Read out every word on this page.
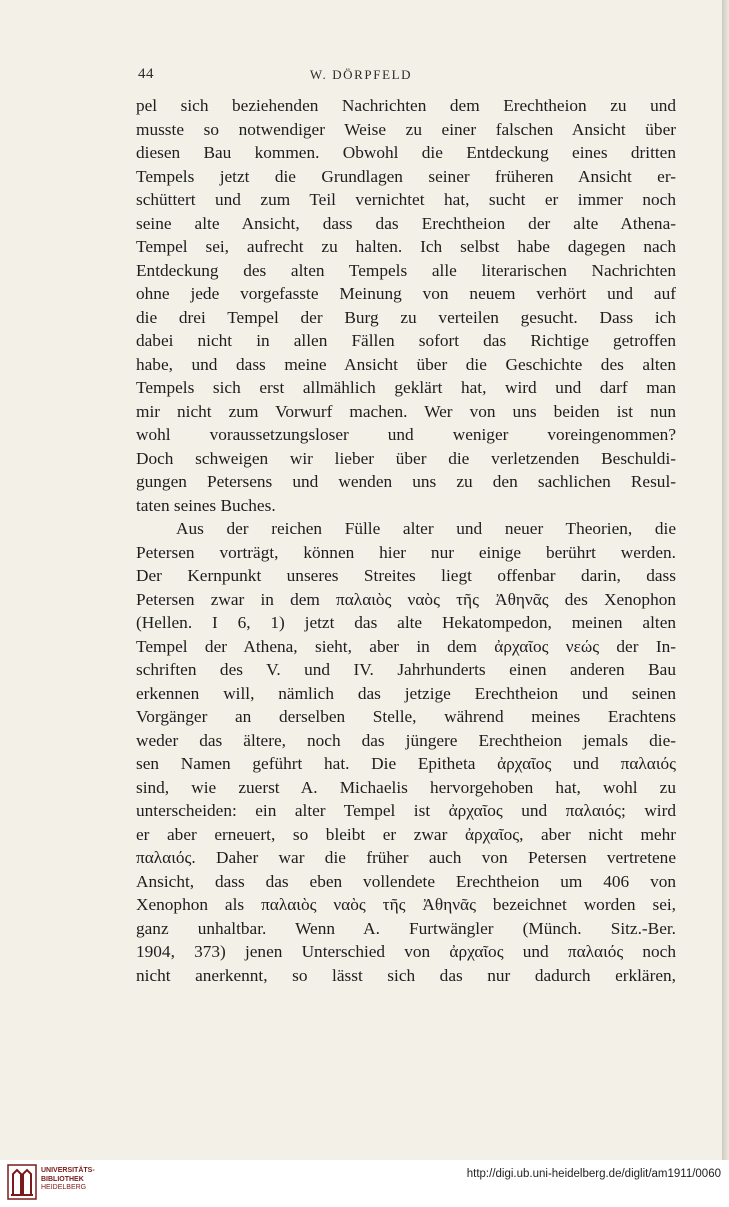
44	W. DÖRPFELD
pel sich beziehenden Nachrichten dem Erechtheion zu und
musste so notwendiger Weise zu einer falschen Ansicht über
diesen Bau kommen. Obwohl die Entdeckung eines dritten
Tempels jetzt die Grundlagen seiner früheren Ansicht er-
schüttert und zum Teil vernichtet hat, sucht er immer noch
seine alte Ansicht, dass das Erechtheion der alte Athena-
Tempel sei, aufrecht zu halten. Ich selbst habe dagegen nach
Entdeckung des alten Tempels alle literarischen Nachrichten
ohne jede vorgefasste Meinung von neuem verhört und auf
die drei Tempel der Burg zu verteilen gesucht. Dass ich
dabei nicht in allen Fällen sofort das Richtige getroffen
habe, und dass meine Ansicht über die Geschichte des alten
Tempels sich erst allmählich geklärt hat, wird und darf man
mir nicht zum Vorwurf machen. Wer von uns beiden ist nun
wohl voraussetzungsloser und weniger voreingenommen?
Doch schweigen wir lieber über die verletzenden Beschuldi-
gungen Petersens und wenden uns zu den sachlichen Resul-
taten seines Buches.
Aus der reichen Fülle alter und neuer Theorien, die
Petersen vorträgt, können hier nur einige berührt werden.
Der Kernpunkt unseres Streites liegt offenbar darin, dass
Petersen zwar in dem παλαιὸς ναὸς τῆς Ἀθηνᾶς des Xenophon
(Hellen. I 6, 1) jetzt das alte Hekatompedon, meinen alten
Tempel der Athena, sieht, aber in dem ἀρχαῖος νεώς der In-
schriften des V. und IV. Jahrhunderts einen anderen Bau
erkennen will, nämlich das jetzige Erechtheion und seinen
Vorgänger an derselben Stelle, während meines Erachtens
weder das ältere, noch das jüngere Erechtheion jemals die-
sen Namen geführt hat. Die Epitheta ἀρχαῖος und παλαιός
sind, wie zuerst A. Michaelis hervorgehoben hat, wohl zu
unterscheiden: ein alter Tempel ist ἀρχαῖος und παλαιός; wird
er aber erneuert, so bleibt er zwar ἀρχαῖος, aber nicht mehr
παλαιός. Daher war die früher auch von Petersen vertretene
Ansicht, dass das eben vollendete Erechtheion um 406 von
Xenophon als παλαιὸς ναὸς τῆς Ἀθηνᾶς bezeichnet worden sei,
ganz unhaltbar. Wenn A. Furtwängler (Münch. Sitz.-Ber.
1904, 373) jenen Unterschied von ἀρχαῖος und παλαιός noch
nicht anerkennt, so lässt sich das nur dadurch erklären,
UNIVERSITÄTS-
BIBLIOTHEK
HEIDELBERG
http://digi.ub.uni-heidelberg.de/diglit/am1911/0060
